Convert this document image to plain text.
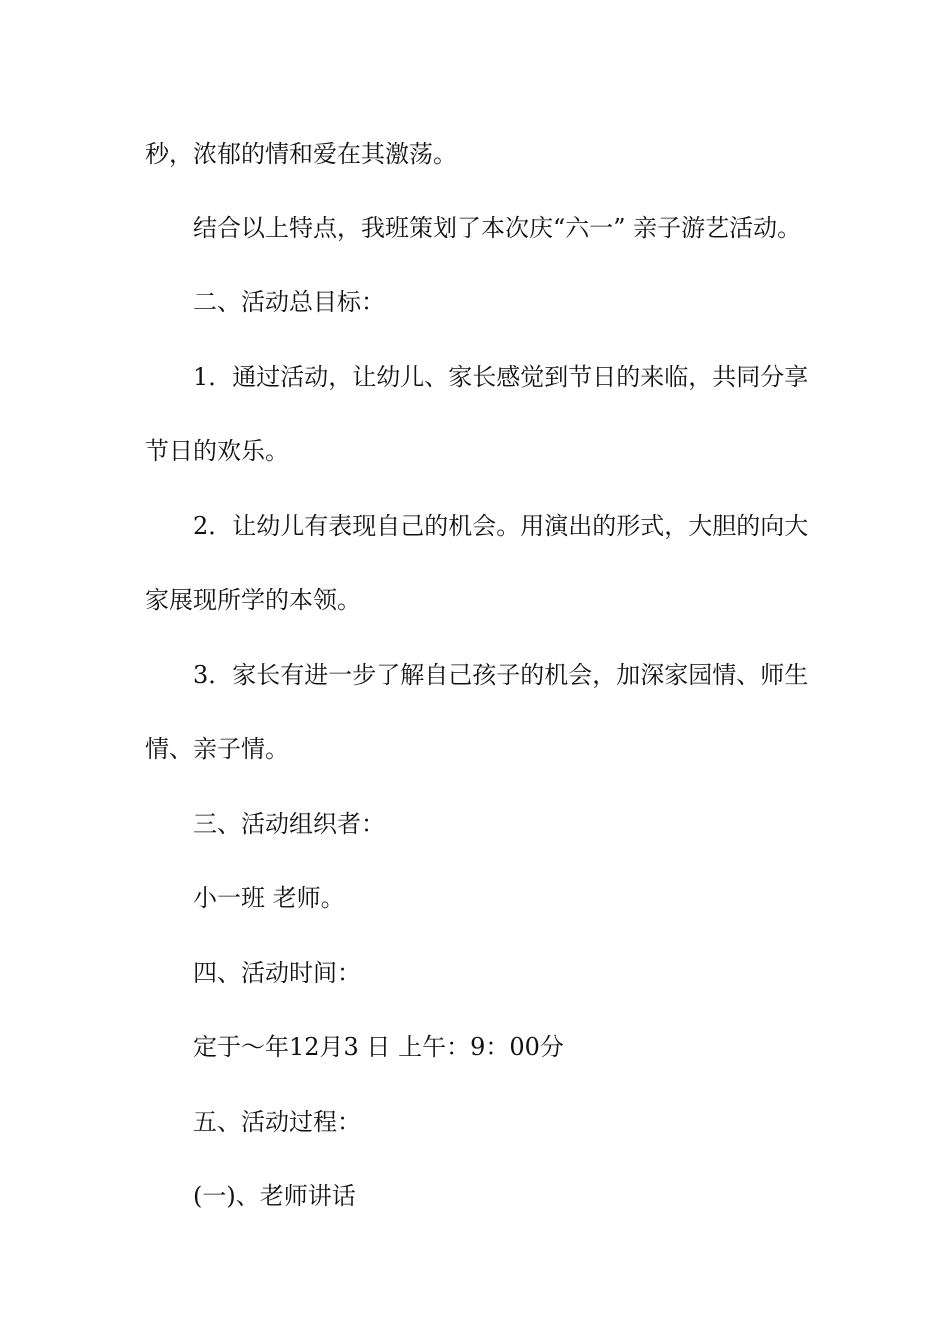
秒，浓郁的情和爱在其激荡。

结合以上特点，我班策划了本次庆“六一” 亲子游艺活动。

二、活动总目标：

1．通过活动，让幼儿、家长感觉到节日的来临，共同分享

节日的欢乐。

2．让幼儿有表现自己的机会。用演出的形式，大胆的向大

家展现所学的本领。

3．家长有进一步了解自己孩子的机会，加深家园情、师生

情、亲子情。

三、活动组织者：

小一班 老师。

四、活动时间：

定于～年12月3 日 上午：9：00分

五、活动过程：

(一)、老师讲话
